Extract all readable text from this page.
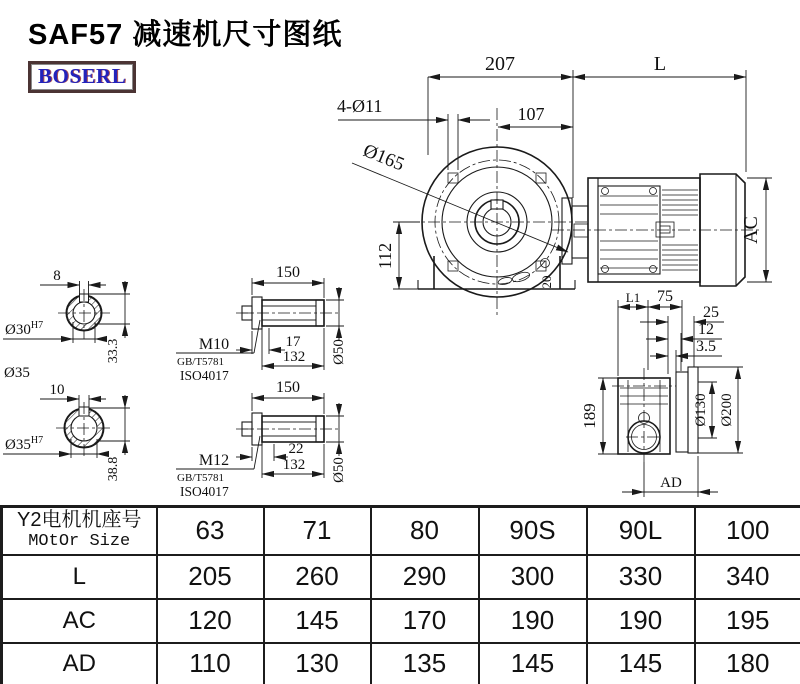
SAF57 减速机尺寸图纸
BOSERL	207	L
107
4-Ø11
Ø165
112
20
AC
L1 75
25
12
3.5
189	Ø130 Ø200
AD
8
$Ø30^{H7}$
33.3
Ø35
10
$Ø35^{H7}$
38.8
150
Ø50
17
132
M10
GB/T5781
ISO4017
150
Ø50
22
132
M12
GB/T5781
ISO4017
Y2电机机座号
MOtOr Size	63	71	80	90S	90L	100
L	205	260	290	300	330	340
AC	120	145	170	190	190	195
AD	110	130	135	145	145	180
